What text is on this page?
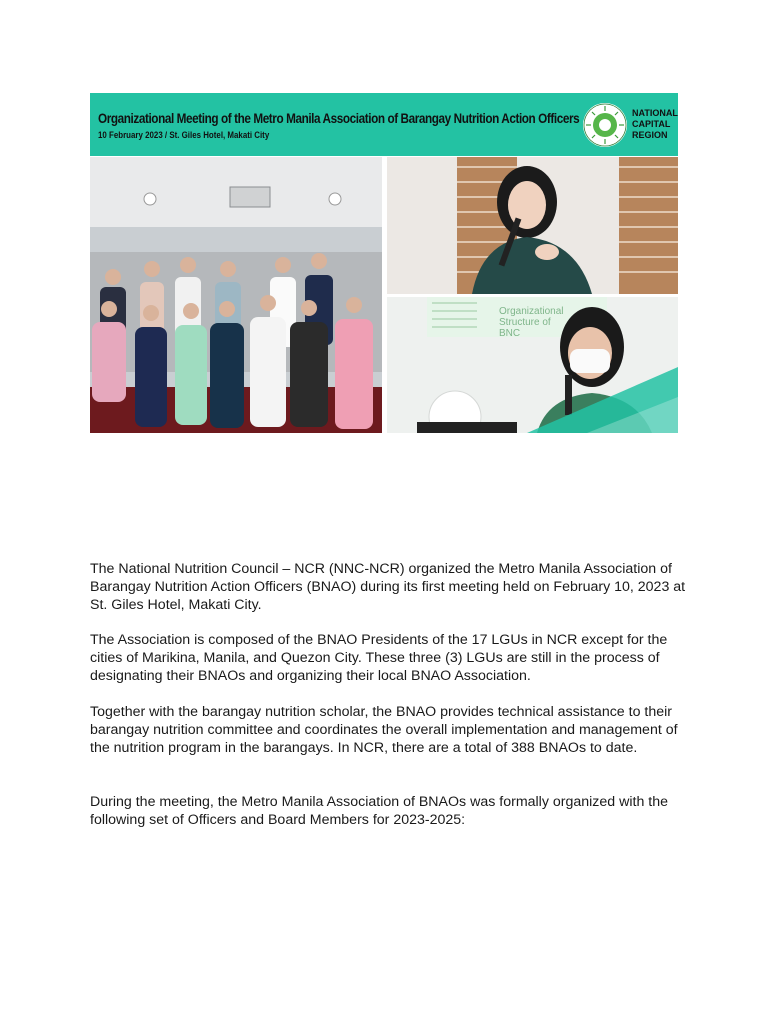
Organizational Meeting of the Metro Manila Association of Barangay Nutrition Action Officers
10 February 2023 / St. Giles Hotel, Makati City
NATIONAL
CAPITAL
REGION
Organizational
Structure of
BNC

The National Nutrition Council – NCR (NNC-NCR) organized the Metro Manila Association of Barangay Nutrition Action Officers (BNAO) during its first meeting held on February 10, 2023 at St. Giles Hotel, Makati City.

The Association is composed of the BNAO Presidents of the 17 LGUs in NCR except for the cities of Marikina, Manila, and Quezon City. These three (3) LGUs are still in the process of designating their BNAOs and organizing their local BNAO Association.

Together with the barangay nutrition scholar, the BNAO provides technical assistance to their barangay nutrition committee and coordinates the overall implementation and management of the nutrition program in the barangays. In NCR, there are a total of 388 BNAOs to date.

During the meeting, the Metro Manila Association of BNAOs was formally organized with the following set of Officers and Board Members for 2023-2025:
